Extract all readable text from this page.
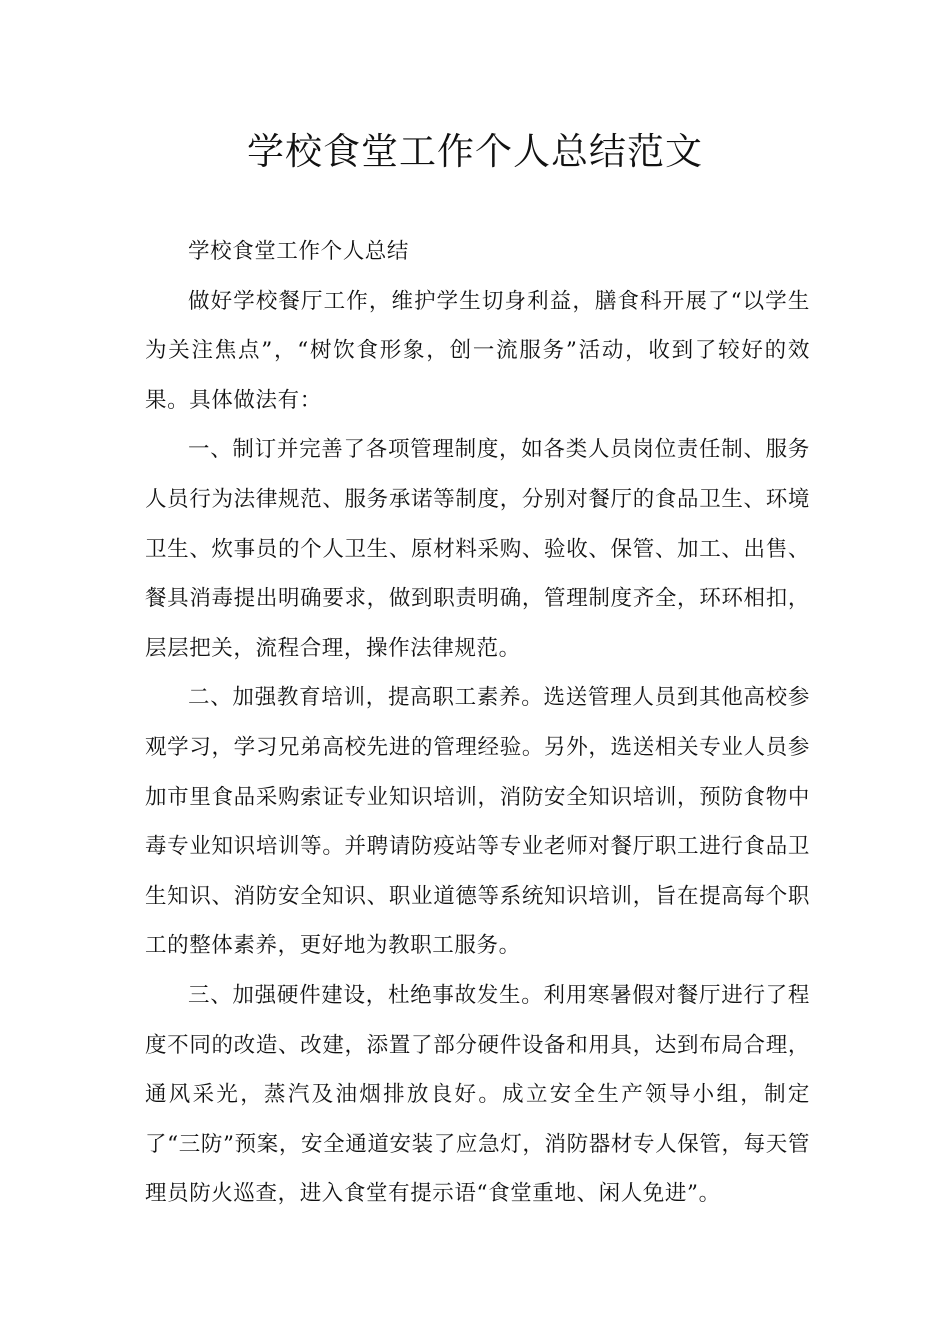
学校食堂工作个人总结范文

学校食堂工作个人总结

做好学校餐厅工作，维护学生切身利益，膳食科开展了“以学生为关注焦点”，“树饮食形象，创一流服务”活动，收到了较好的效果。具体做法有：

一、制订并完善了各项管理制度，如各类人员岗位责任制、服务人员行为法律规范、服务承诺等制度，分别对餐厅的食品卫生、环境卫生、炊事员的个人卫生、原材料采购、验收、保管、加工、出售、餐具消毒提出明确要求，做到职责明确，管理制度齐全，环环相扣，层层把关，流程合理，操作法律规范。

二、加强教育培训，提高职工素养。选送管理人员到其他高校参观学习，学习兄弟高校先进的管理经验。另外，选送相关专业人员参加市里食品采购索证专业知识培训，消防安全知识培训，预防食物中毒专业知识培训等。并聘请防疫站等专业老师对餐厅职工进行食品卫生知识、消防安全知识、职业道德等系统知识培训，旨在提高每个职工的整体素养，更好地为教职工服务。

三、加强硬件建设，杜绝事故发生。利用寒暑假对餐厅进行了程度不同的改造、改建，添置了部分硬件设备和用具，达到布局合理，通风采光，蒸汽及油烟排放良好。成立安全生产领导小组，制定了“三防”预案，安全通道安装了应急灯，消防器材专人保管，每天管理员防火巡查，进入食堂有提示语“食堂重地、闲人免进”。
